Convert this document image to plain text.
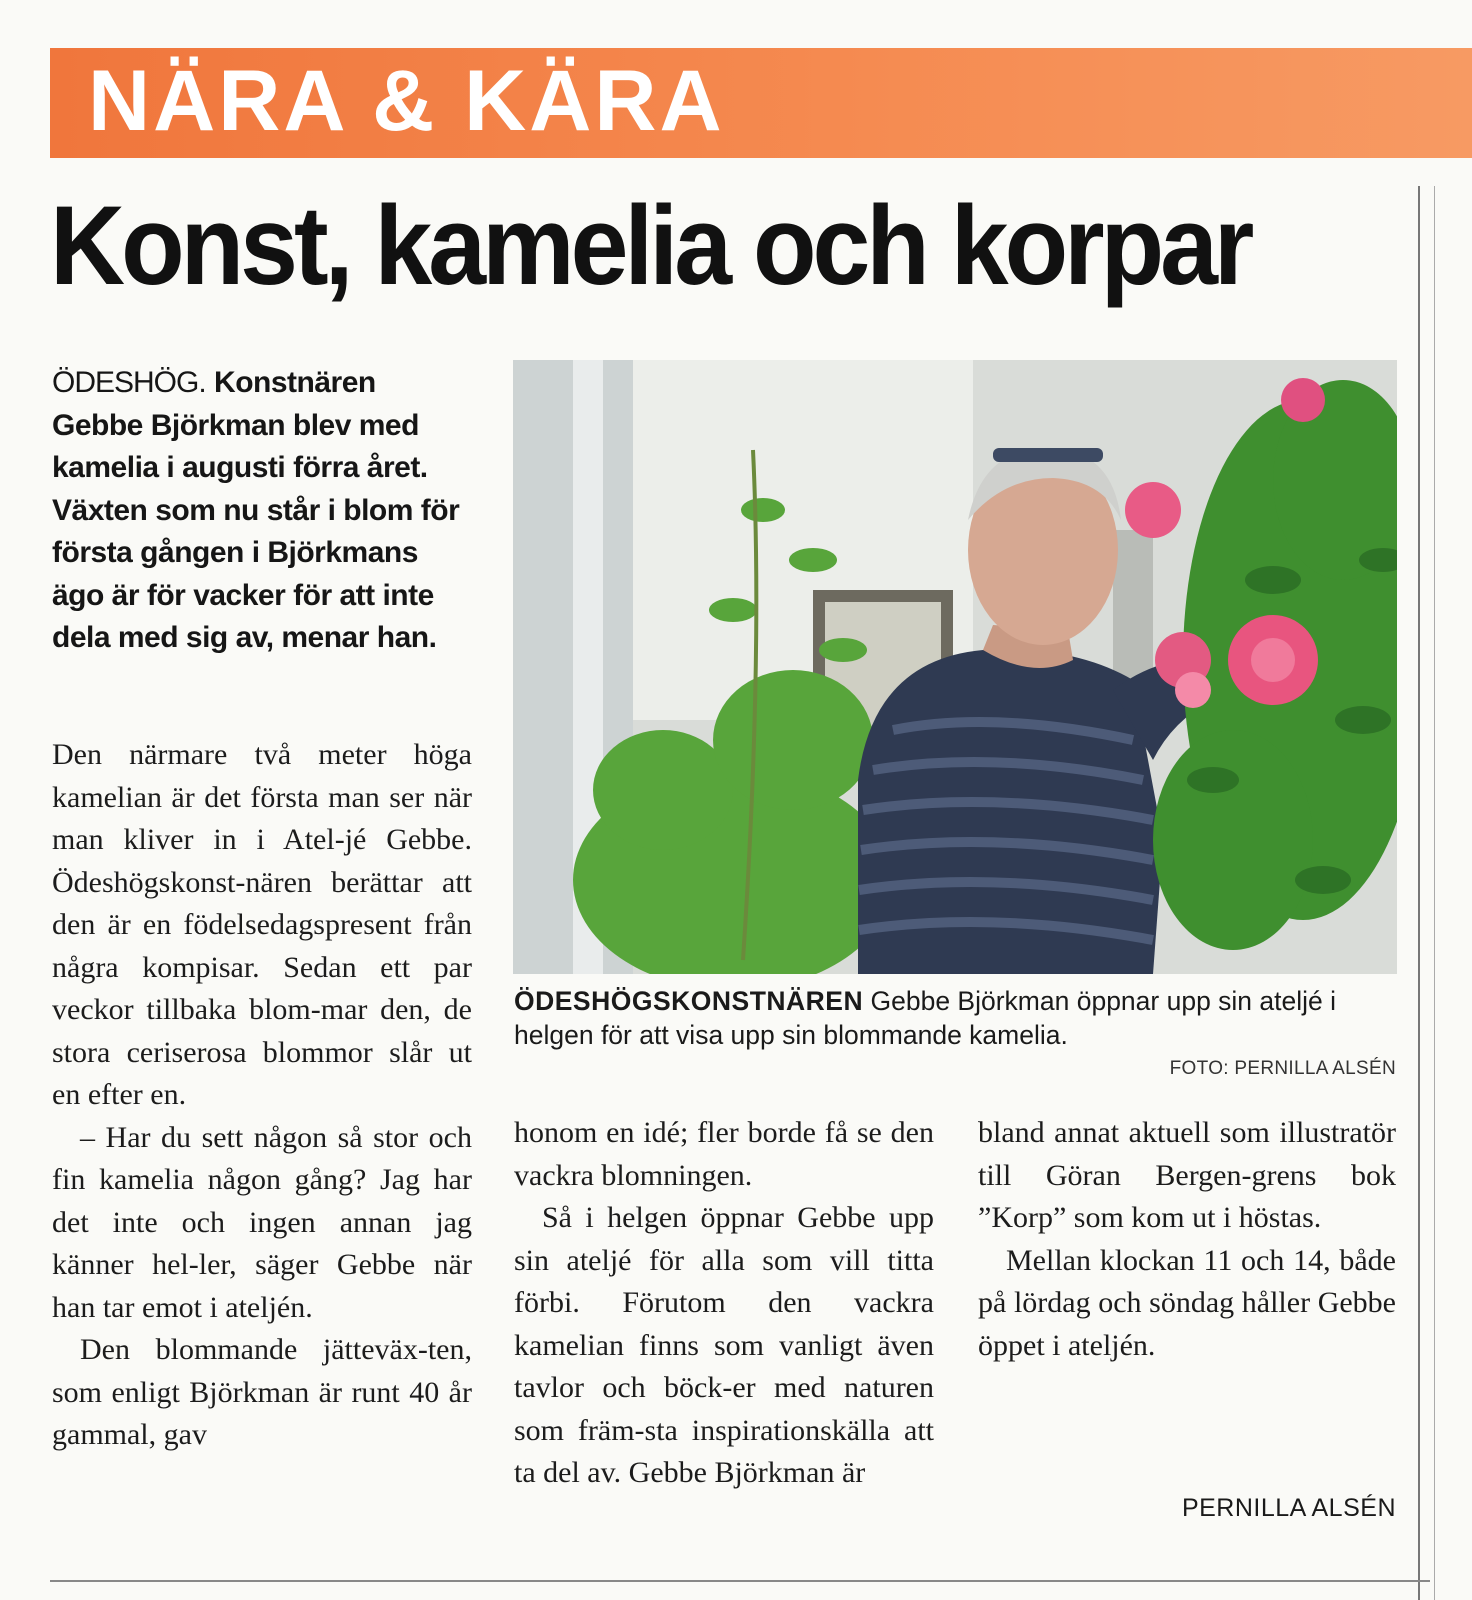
NÄRA & KÄRA
Konst, kamelia och korpar
ÖDESHÖG. Konstnären Gebbe Björkman blev med kamelia i augusti förra året. Växten som nu står i blom för första gången i Björkmans ägo är för vacker för att inte dela med sig av, menar han.

Den närmare två meter höga kamelian är det första man ser när man kliver in i Atel-jé Gebbe. Ödeshögskonst-nären berättar att den är en födelsedagspresent från några kompisar. Sedan ett par veckor tillbaka blom-mar den, de stora ceriserosa blommor slår ut en efter en.

– Har du sett någon så stor och fin kamelia någon gång? Jag har det inte och ingen annan jag känner hel-ler, säger Gebbe när han tar emot i ateljén.

Den blommande jätteväx-ten, som enligt Björkman är runt 40 år gammal, gav

ÖDESHÖGSKONSTNÄREN Gebbe Björkman öppnar upp sin ateljé i helgen för att visa upp sin blommande kamelia.
FOTO: PERNILLA ALSÉN

honom en idé; fler borde få se den vackra blomningen.

Så i helgen öppnar Gebbe upp sin ateljé för alla som vill titta förbi. Förutom den vackra kamelian finns som vanligt även tavlor och böck-er med naturen som främ-sta inspirationskälla att ta del av. Gebbe Björkman är

bland annat aktuell som illustratör till Göran Bergen-grens bok ”Korp” som kom ut i höstas.

Mellan klockan 11 och 14, både på lördag och söndag håller Gebbe öppet i ateljén.

PERNILLA ALSÉN
